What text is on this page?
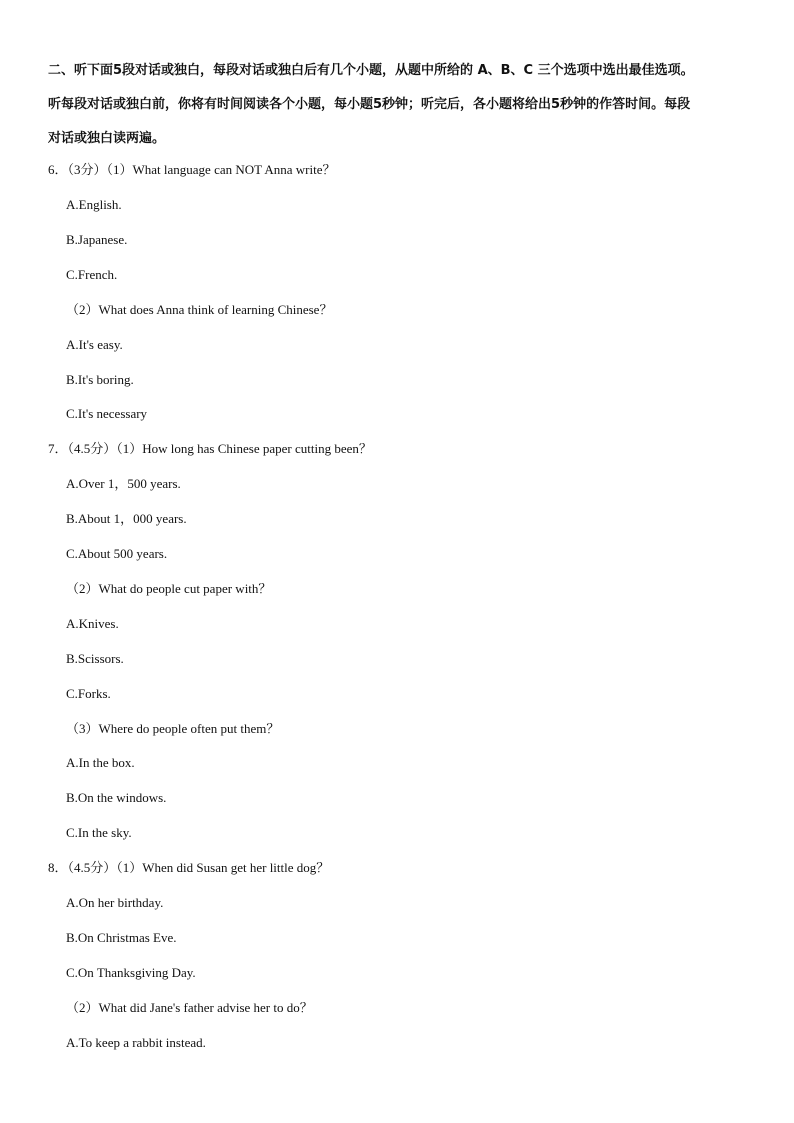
二、听下面5段对话或独白，每段对话或独白后有几个小题，从题中所给的 A、B、C 三个选项中选出最佳选项。
听每段对话或独白前，你将有时间阅读各个小题，每小题5秒钟；听完后，各小题将给出5秒钟的作答时间。每段
对话或独白读两遍。
6．（3分）（1）What language can NOT Anna write？
A.English.
B.Japanese.
C.French.
（2）What does Anna think of learning Chinese？
A.It's easy.
B.It's boring.
C.It's necessary
7．（4.5分）（1）How long has Chinese paper cutting been？
A.Over 1，500 years.
B.About 1，000 years.
C.About 500 years.
（2）What do people cut paper with？
A.Knives.
B.Scissors.
C.Forks.
（3）Where do people often put them？
A.In the box.
B.On the windows.
C.In the sky.
8．（4.5分）（1）When did Susan get her little dog？
A.On her birthday.
B.On Christmas Eve.
C.On Thanksgiving Day.
（2）What did Jane's father advise her to do？
A.To keep a rabbit instead.
